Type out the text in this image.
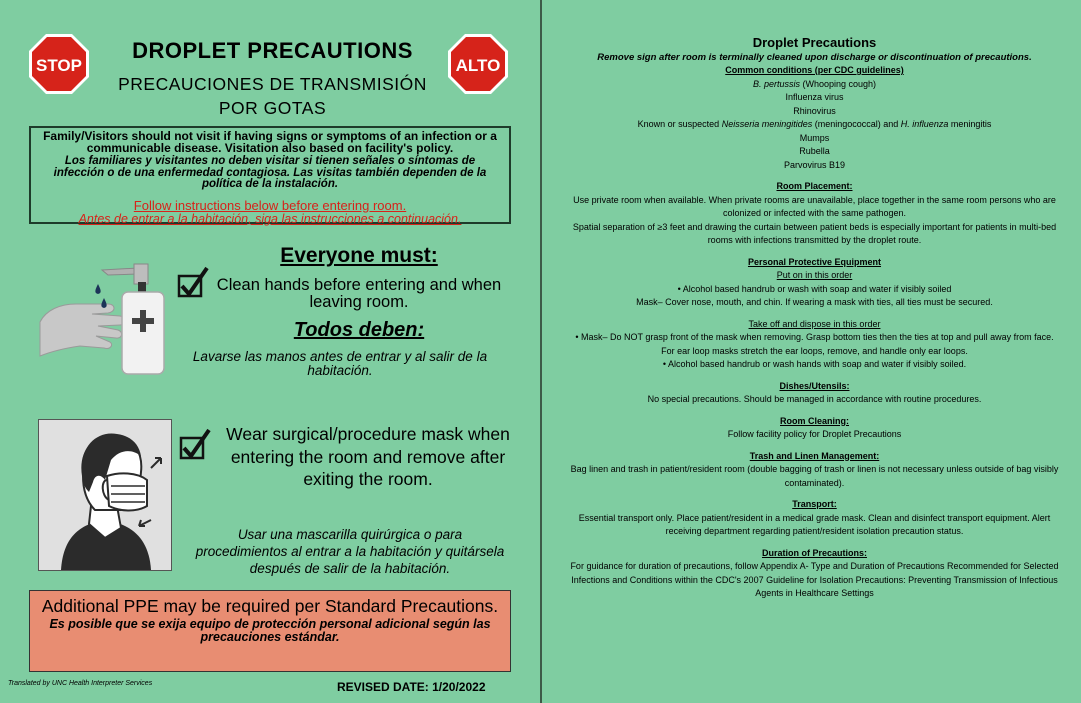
STOP	ALTO
DROPLET PRECAUTIONS
PRECAUCIONES DE TRANSMISIÓN
POR GOTAS
Family/Visitors should not visit if having signs or symptoms of an infection or a communicable disease. Visitation also based on facility's policy.
Los familiares y visitantes no deben visitar si tienen señales o síntomas de infección o de una enfermedad contagiosa. Las visitas también dependen de la política de la instalación.
Follow instructions below before entering room.
Antes de entrar a la habitación, siga las instrucciones a continuación.
Everyone must:
Clean hands before entering and when leaving room.
Todos deben:
Lavarse las manos antes de entrar y al salir de la habitación.
Wear surgical/procedure mask when entering the room and remove after exiting the room.
Usar una mascarilla quirúrgica o para procedimientos al entrar a la habitación y quitársela después de salir de la habitación.
Additional PPE may be required per Standard Precautions.
Es posible que se exija equipo de protección personal adicional según las precauciones estándar.
Translated by UNC Health Interpreter Services	REVISED DATE: 1/20/2022
Droplet Precautions
Remove sign after room is terminally cleaned upon discharge or discontinuation of precautions.
Common conditions (per CDC guidelines)
B. pertussis (Whooping cough)
Influenza virus
Rhinovirus
Known or suspected Neisseria meningitides (meningococcal) and H. influenza meningitis
Mumps
Rubella
Parvovirus B19
Room Placement:
Use private room when available. When private rooms are unavailable, place together in the same room persons who are colonized or infected with the same pathogen.
Spatial separation of ≥3 feet and drawing the curtain between patient beds is especially important for patients in multi-bed rooms with infections transmitted by the droplet route.
Personal Protective Equipment
Put on in this order
• Alcohol based handrub or wash with soap and water if visibly soiled
Mask– Cover nose, mouth, and chin. If wearing a mask with ties, all ties must be secured.
Take off and dispose in this order
• Mask– Do NOT grasp front of the mask when removing. Grasp bottom ties then the ties at top and pull away from face. For ear loop masks stretch the ear loops, remove, and handle only ear loops.
• Alcohol based handrub or wash hands with soap and water if visibly soiled.
Dishes/Utensils:
No special precautions. Should be managed in accordance with routine procedures.
Room Cleaning:
Follow facility policy for Droplet Precautions
Trash and Linen Management:
Bag linen and trash in patient/resident room (double bagging of trash or linen is not necessary unless outside of bag visibly contaminated).
Transport:
Essential transport only. Place patient/resident in a medical grade mask. Clean and disinfect transport equipment. Alert receiving department regarding patient/resident isolation precaution status.
Duration of Precautions:
For guidance for duration of precautions, follow Appendix A- Type and Duration of Precautions Recommended for Selected Infections and Conditions within the CDC's 2007 Guideline for Isolation Precautions: Preventing Transmission of Infectious Agents in Healthcare Settings
